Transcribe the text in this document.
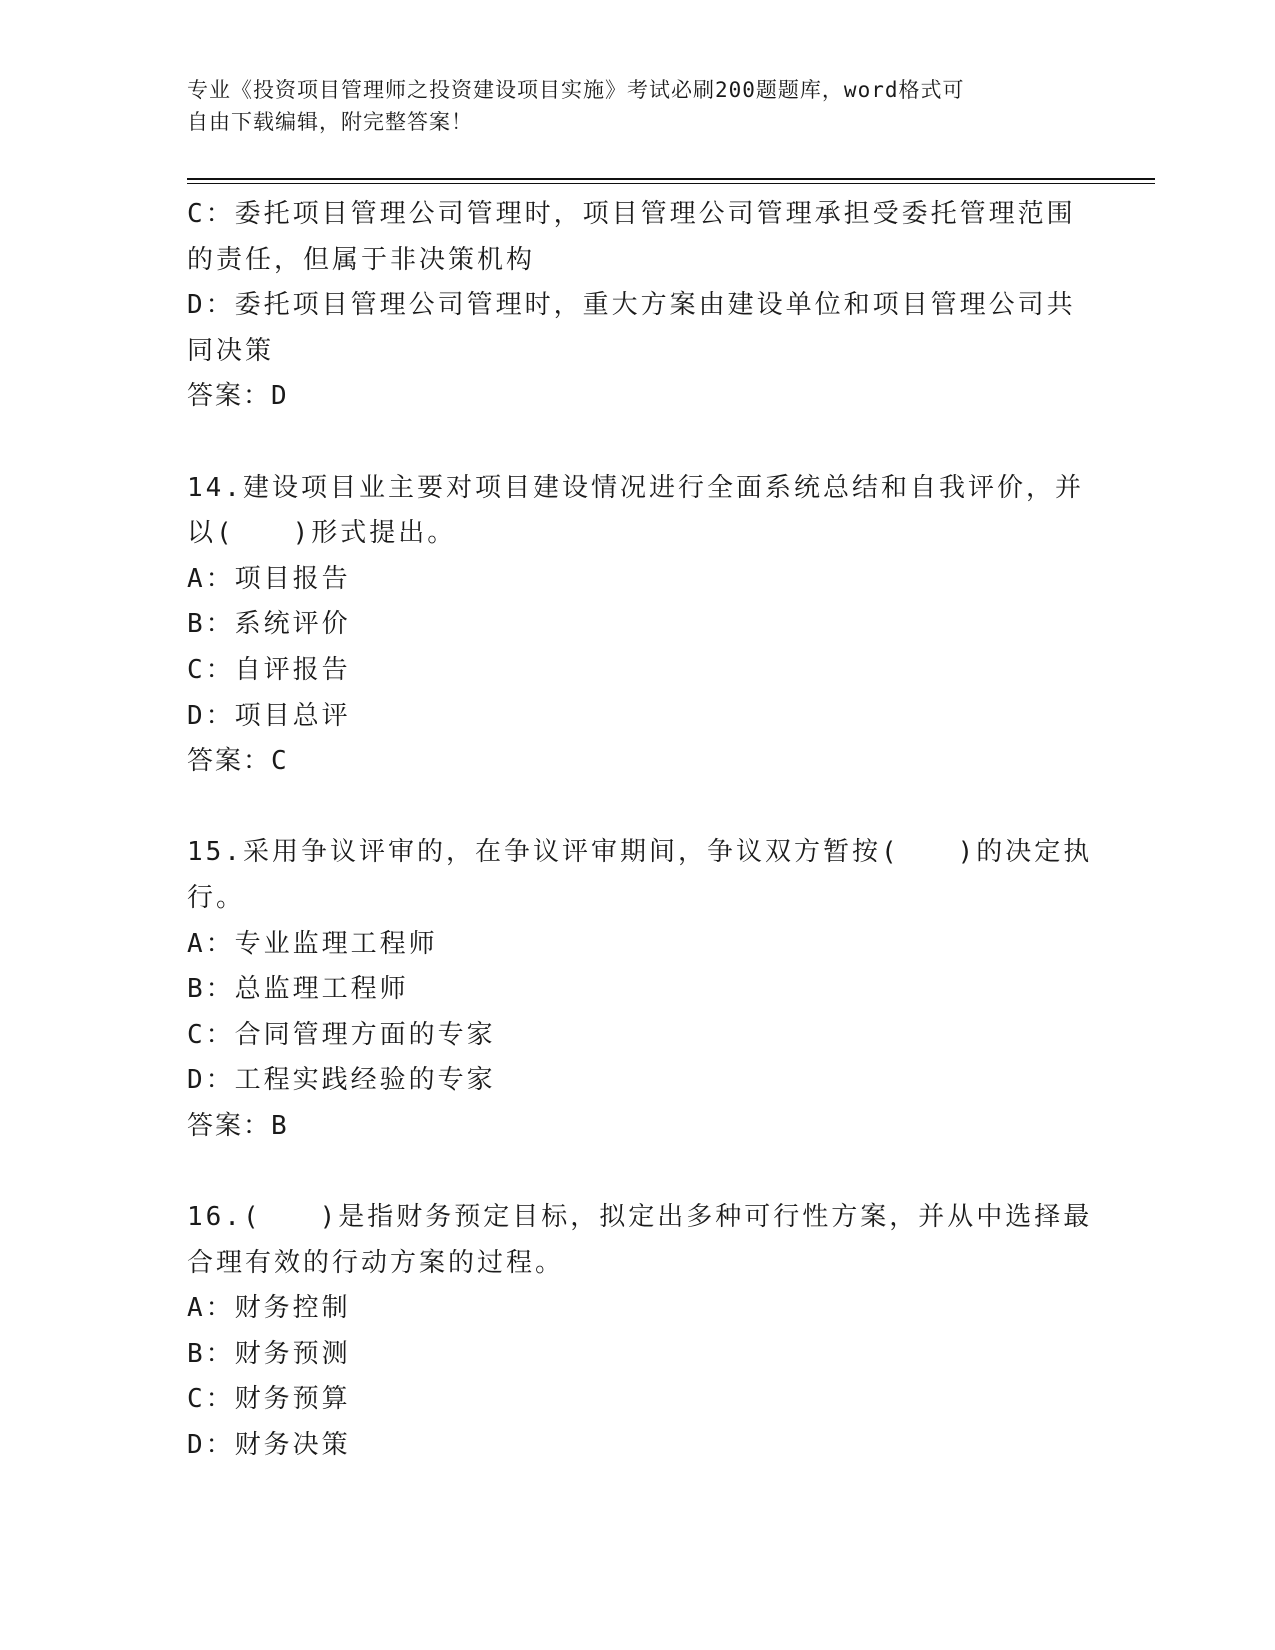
专业《投资项目管理师之投资建设项目实施》考试必刷200题题库，word格式可
自由下载编辑，附完整答案！
C：委托项目管理公司管理时，项目管理公司管理承担受委托管理范围
的责任，但属于非决策机构
D：委托项目管理公司管理时，重大方案由建设单位和项目管理公司共
同决策
答案：D
14.建设项目业主要对项目建设情况进行全面系统总结和自我评价，并
以(　　)形式提出。
A：项目报告
B：系统评价
C：自评报告
D：项目总评
答案：C
15.采用争议评审的，在争议评审期间，争议双方暂按(　　)的决定执
行。
A：专业监理工程师
B：总监理工程师
C：合同管理方面的专家
D：工程实践经验的专家
答案：B
16.(　　)是指财务预定目标，拟定出多种可行性方案，并从中选择最
合理有效的行动方案的过程。
A：财务控制
B：财务预测
C：财务预算
D：财务决策
